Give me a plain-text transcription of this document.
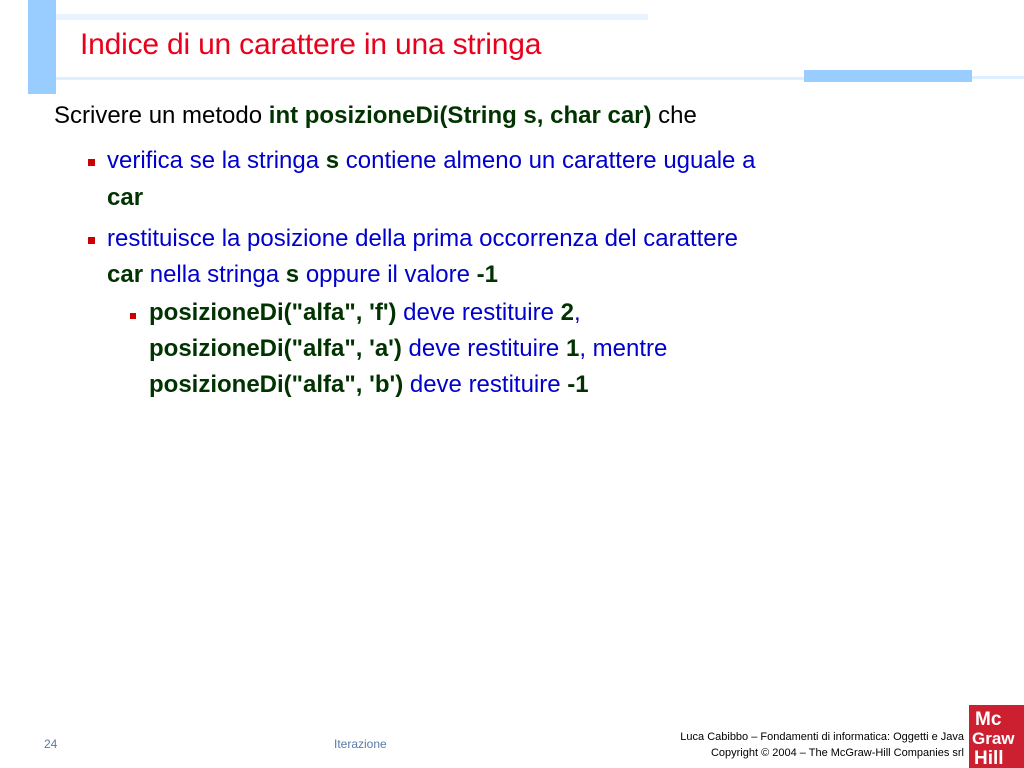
Indice di un carattere in una stringa

Scrivere un metodo int posizioneDi(String s, char car) che

verifica se la stringa s contiene almeno un carattere uguale a

car

restituisce la posizione della prima occorrenza del carattere

car nella stringa s oppure il valore -1

posizioneDi("alfa", 'f') deve restituire 2,

posizioneDi("alfa", 'a') deve restituire 1, mentre

posizioneDi("alfa", 'b') deve restituire -1

24	Iterazione	Luca Cabibbo – Fondamenti di informatica: Oggetti e Java
Copyright © 2004 – The McGraw-Hill Companies srl
Mc
Graw
Hill
